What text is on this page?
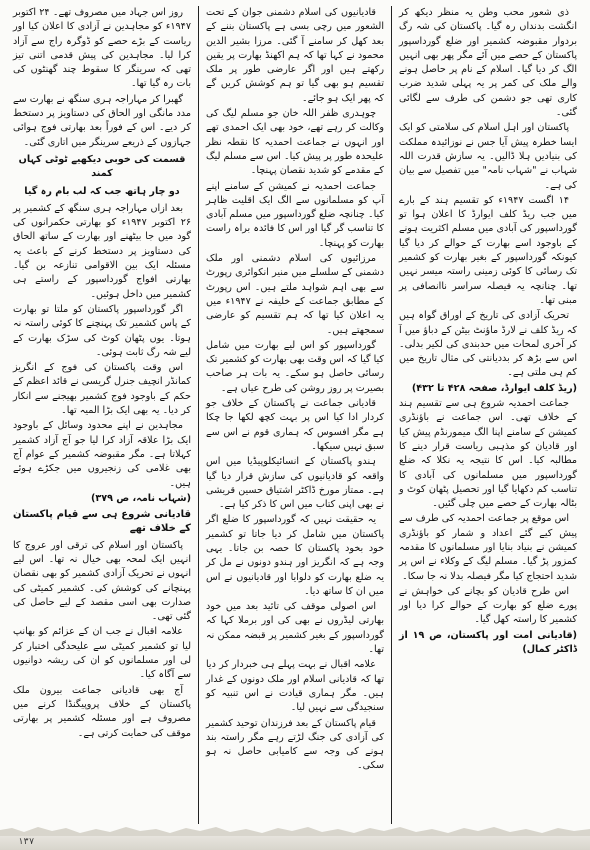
ذی شعور محب وطن یہ منظر دیکھ کر انگشت بدنداں رہ گیا۔ پاکستان کی شہ رگ بردوار مقبوضہ کشمیر اور ضلع گورداسپور پاکستان کے حصے میں آئے مگر پھر بھی انہیں الگ کر دیا گیا۔ اسلام کے نام پر حاصل ہونے والے ملک کی کمر پر یہ پہلی شدید ضرب کاری تھی جو دشمن کی طرف سے لگائی گئی۔

پاکستان اور اہل اسلام کی سلامتی کو ایک ایسا خطرہ پیش آیا جس نے نوزائیدہ مملکت کی بنیادیں ہلا ڈالیں۔ یہ سازش قدرت اللہ شہاب نے "شہاب نامہ" میں تفصیل سے بیان کی ہے۔

۱۴ اگست ۱۹۴۷ء کو تقسیم ہند کے بارے میں جب ریڈ کلف ایوارڈ کا اعلان ہوا تو گورداسپور کی آبادی میں مسلم اکثریت ہونے کے باوجود اسے بھارت کے حوالے کر دیا گیا کیونکہ گورداسپور کے بغیر بھارت کو کشمیر تک رسائی کا کوئی زمینی راستہ میسر نہیں تھا۔ چنانچہ یہ فیصلہ سراسر ناانصافی پر مبنی تھا۔

تحریک آزادی کی تاریخ کے اوراق گواہ ہیں کہ ریڈ کلف نے لارڈ ماؤنٹ بیٹن کے دباؤ میں آ کر آخری لمحات میں حدبندی کی لکیر بدلی۔ اس سے بڑھ کر بددیانتی کی مثال تاریخ میں کم ہی ملتی ہے۔

(ریڈ کلف ایوارڈ، صفحہ ۴۲۸ تا ۴۳۲)

جماعت احمدیہ شروع ہی سے تقسیم ہند کے خلاف تھی۔ اس جماعت نے باؤنڈری کمیشن کے سامنے اپنا الگ میمورنڈم پیش کیا اور قادیان کو مذہبی ریاست قرار دینے کا مطالبہ کیا۔ اس کا نتیجہ یہ نکلا کہ ضلع گورداسپور میں مسلمانوں کی آبادی کا تناسب کم دکھایا گیا اور تحصیل پٹھان کوٹ و بٹالہ بھارت کے حصے میں چلی گئیں۔

اس موقع پر جماعت احمدیہ کی طرف سے پیش کیے گئے اعداد و شمار کو باؤنڈری کمیشن نے بنیاد بنایا اور مسلمانوں کا مقدمہ کمزور پڑ گیا۔ مسلم لیگ کے وکلاء نے اس پر شدید احتجاج کیا مگر فیصلہ بدلا نہ جا سکا۔

اس طرح قادیان کو بچانے کی خواہش نے پورے ضلع کو بھارت کے حوالے کرا دیا اور کشمیر کا راستہ کھل گیا۔

(قادیانی امت اور پاکستان، ص ۱۹ از ڈاکٹر کمال)

قادیانیوں کی اسلام دشمنی جوان کے تحت الشعور میں رچی بسی ہے پاکستان بننے کے بعد کھل کر سامنے آ گئی۔ مرزا بشیر الدین محمود نے کہا تھا کہ ہم اکھنڈ بھارت پر یقین رکھتے ہیں اور اگر عارضی طور پر ملک تقسیم ہو بھی گیا تو ہم کوشش کریں گے کہ پھر ایک ہو جائے۔

چوہدری ظفر اللہ خان جو مسلم لیگ کی وکالت کر رہے تھے، خود بھی ایک احمدی تھے اور انہوں نے جماعت احمدیہ کا نقطہ نظر علیحدہ طور پر پیش کیا۔ اس سے مسلم لیگ کے مقدمے کو شدید نقصان پہنچا۔

جماعت احمدیہ نے کمیشن کے سامنے اپنے آپ کو مسلمانوں سے الگ ایک اقلیت ظاہر کیا۔ چنانچہ ضلع گورداسپور میں مسلم آبادی کا تناسب گر گیا اور اس کا فائدہ براہ راست بھارت کو پہنچا۔

مرزائیوں کی اسلام دشمنی اور ملک دشمنی کے سلسلے میں منیر انکوائری رپورٹ سے بھی اہم شواہد ملتے ہیں۔ اس رپورٹ کے مطابق جماعت کے خلیفہ نے ۱۹۴۷ء میں یہ اعلان کیا تھا کہ ہم تقسیم کو عارضی سمجھتے ہیں۔

گورداسپور کو اس لیے بھارت میں شامل کیا گیا کہ اس وقت بھی بھارت کو کشمیر تک رسائی حاصل ہو سکے۔ یہ بات ہر صاحب بصیرت پر روز روشن کی طرح عیاں ہے۔

قادیانی جماعت نے پاکستان کے خلاف جو کردار ادا کیا اس پر بہت کچھ لکھا جا چکا ہے مگر افسوس کہ ہماری قوم نے اس سے سبق نہیں سیکھا۔

ہندو پاکستان کے انسائیکلوپیڈیا میں اس واقعہ کو قادیانیوں کی سازش قرار دیا گیا ہے۔ ممتاز مورخ ڈاکٹر اشتیاق حسین قریشی نے بھی اپنی کتاب میں اس کا ذکر کیا ہے۔

یہ حقیقت نہیں کہ گورداسپور کا ضلع اگر پاکستان میں شامل کر دیا جاتا تو کشمیر خود بخود پاکستان کا حصہ بن جاتا۔ یہی وجہ ہے کہ انگریز اور ہندو دونوں نے مل کر یہ ضلع بھارت کو دلوایا اور قادیانیوں نے اس میں ان کا ساتھ دیا۔

اس اصولی موقف کی تائید بعد میں خود بھارتی لیڈروں نے بھی کی اور برملا کہا کہ گورداسپور کے بغیر کشمیر پر قبضہ ممکن نہ تھا۔

علامہ اقبال نے بہت پہلے ہی خبردار کر دیا تھا کہ قادیانی اسلام اور ملک دونوں کے غدار ہیں۔ مگر ہماری قیادت نے اس تنبیہ کو سنجیدگی سے نہیں لیا۔

قیام پاکستان کے بعد فرزندان توحید کشمیر کی آزادی کی جنگ لڑتے رہے مگر راستہ بند ہونے کی وجہ سے کامیابی حاصل نہ ہو سکی۔

روز اس جہاد میں مصروف تھے۔ ۲۴ اکتوبر ۱۹۴۷ء کو مجاہدین نے آزادی کا اعلان کیا اور ریاست کے بڑے حصے کو ڈوگرہ راج سے آزاد کرا لیا۔ مجاہدین کی پیش قدمی اتنی تیز تھی کہ سرینگر کا سقوط چند گھنٹوں کی بات رہ گیا تھا۔

گھبرا کر مہاراجہ ہری سنگھ نے بھارت سے مدد مانگی اور الحاق کی دستاویز پر دستخط کر دیے۔ اس کے فوراً بعد بھارتی فوج ہوائی جہازوں کے ذریعے سرینگر میں اتاری گئی۔

قسمت کی خوبی دیکھیے ٹوٹی کہاں کمند

دو چار ہاتھ جب کہ لب بام رہ گیا

بعد ازاں مہاراجہ ہری سنگھ کے کشمیر پر ۲۶ اکتوبر ۱۹۴۷ء کو بھارتی حکمرانوں کی گود میں جا بیٹھنے اور بھارت کے ساتھ الحاق کی دستاویز پر دستخط کرنے کے باعث یہ مسئلہ ایک بین الاقوامی تنازعہ بن گیا۔ بھارتی افواج گورداسپور کے راستے ہی کشمیر میں داخل ہوئیں۔

اگر گورداسپور پاکستان کو ملتا تو بھارت کے پاس کشمیر تک پہنچنے کا کوئی راستہ نہ ہوتا۔ یوں پٹھان کوٹ کی سڑک بھارت کے لیے شہ رگ ثابت ہوئی۔

اس وقت پاکستان کی فوج کے انگریز کمانڈر انچیف جنرل گریسی نے قائد اعظم کے حکم کے باوجود فوج کشمیر بھیجنے سے انکار کر دیا۔ یہ بھی ایک بڑا المیہ تھا۔

مجاہدین نے اپنے محدود وسائل کے باوجود ایک بڑا علاقہ آزاد کرا لیا جو آج آزاد کشمیر کہلاتا ہے۔ مگر مقبوضہ کشمیر کے عوام آج بھی غلامی کی زنجیروں میں جکڑے ہوئے ہیں۔

(شہاب نامہ، ص ۳۷۹)

قادیانی شروع ہی سے قیام پاکستان کے خلاف تھے

پاکستان اور اسلام کی ترقی اور عروج کا انہیں ایک لمحہ بھی خیال نہ تھا۔ اس لیے انہوں نے تحریک آزادی کشمیر کو بھی نقصان پہنچانے کی کوشش کی۔ کشمیر کمیٹی کی صدارت بھی اسی مقصد کے لیے حاصل کی گئی تھی۔

علامہ اقبال نے جب ان کے عزائم کو بھانپ لیا تو کشمیر کمیٹی سے علیحدگی اختیار کر لی اور مسلمانوں کو ان کی ریشہ دوانیوں سے آگاہ کیا۔

آج بھی قادیانی جماعت بیرون ملک پاکستان کے خلاف پروپیگنڈا کرنے میں مصروف ہے اور مسئلہ کشمیر پر بھارتی موقف کی حمایت کرتی ہے۔

۱۳۷
